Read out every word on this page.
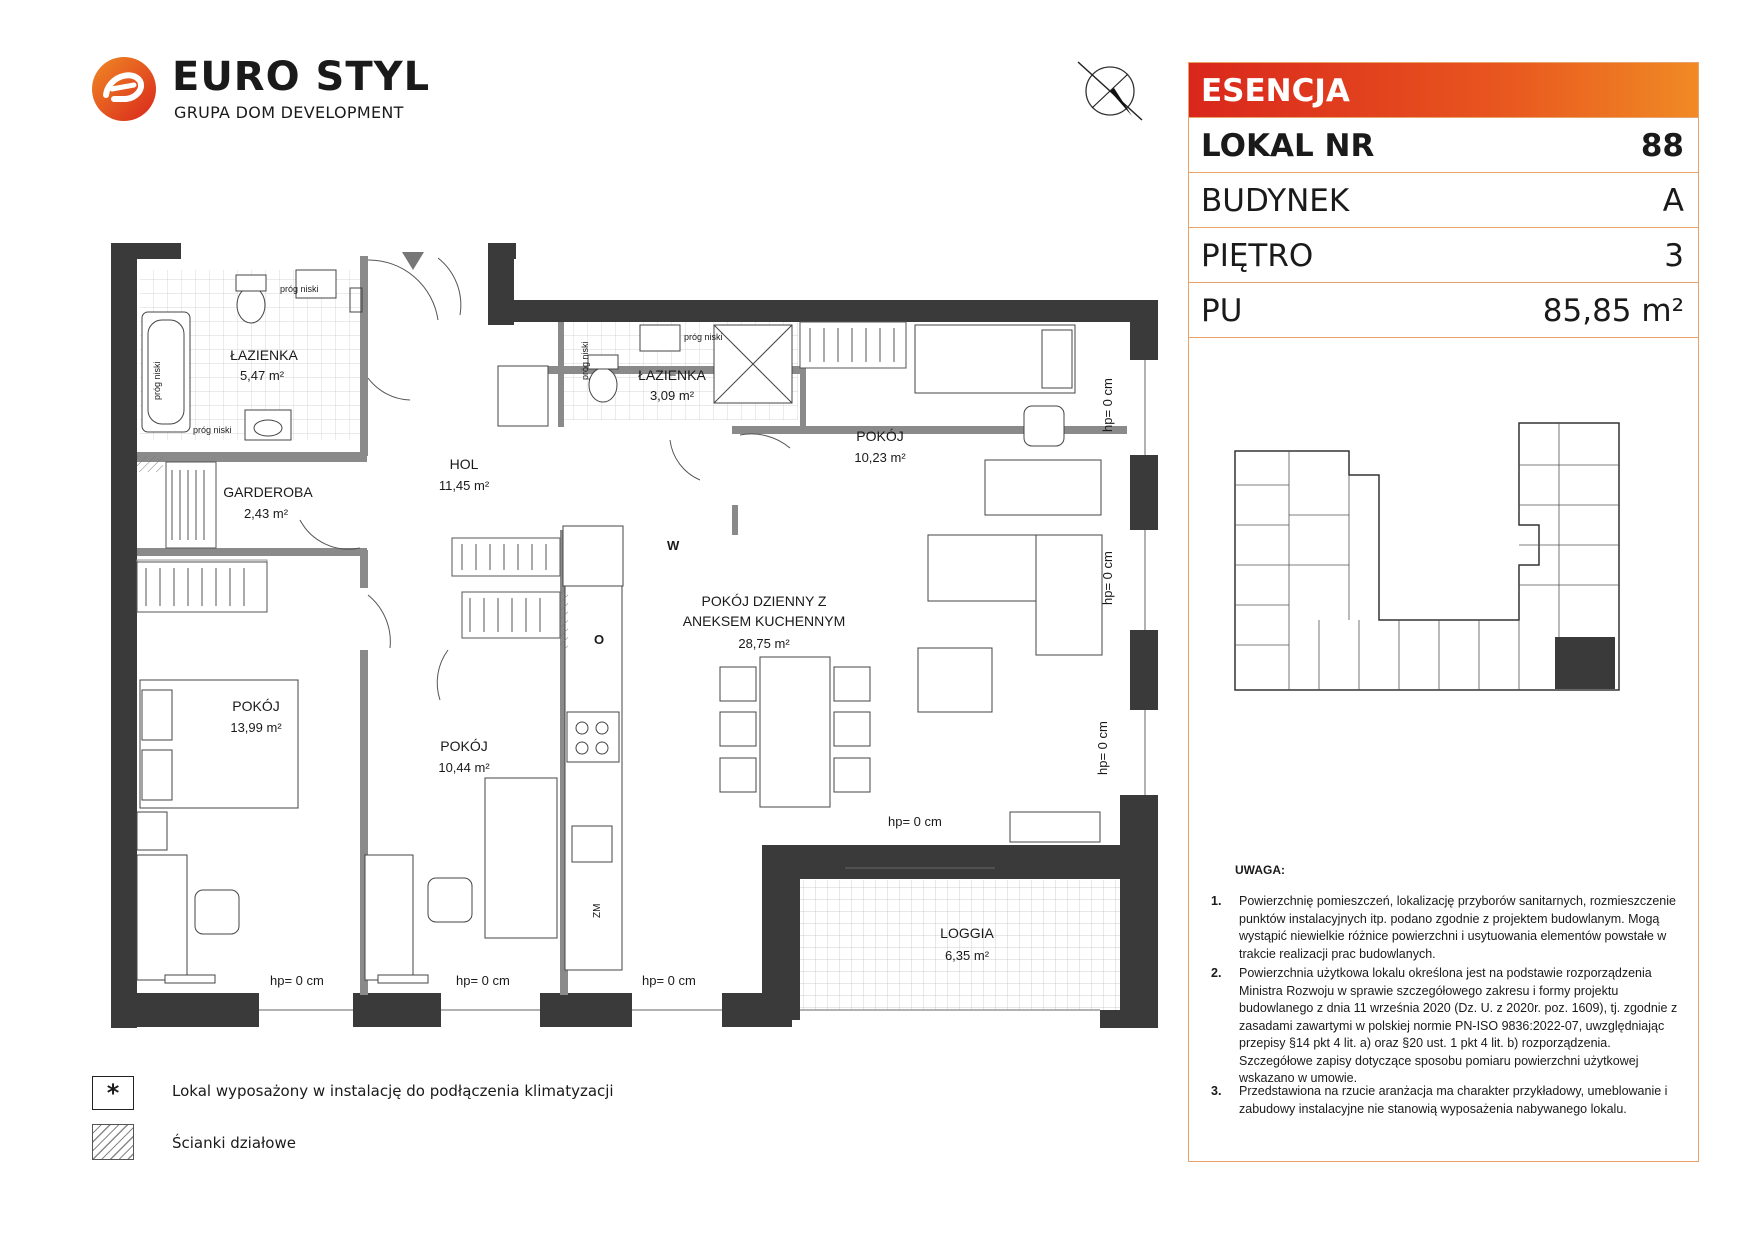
EURO STYL
GRUPA DOM DEVELOPMENT
ŁAZIENKA
5,47 m²	ŁAZIENKA
3,09 m²
HOL
11,45 m²
GARDEROBA
2,43 m²
POKÓJ
10,23 m²
POKÓJ DZIENNY Z
ANEKSEM KUCHENNYM
28,75 m²
POKÓJ
13,99 m²
POKÓJ
10,44 m²
LOGGIA
6,35 m²
hp= 0 cm	hp= 0 cm	hp= 0 cm
hp= 0 cm
hp= 0 cm
hp= 0 cm
hp= 0 cm
próg niski
próg niski
próg niski
próg niski
próg niski
W
O
ZM
*	Lokal wyposażony w instalację do podłączenia klimatyzacji
Ścianki działowe
ESENCJA
LOKAL NR	88
BUDYNEK	A
PIĘTRO	3
PU	85,85 m²
UWAGA:
1. Powierzchnię pomieszczeń, lokalizację przyborów sanitarnych, rozmieszczenie punktów instalacyjnych itp. podano zgodnie z projektem budowlanym. Mogą wystąpić niewielkie różnice powierzchni i usytuowania elementów powstałe w trakcie realizacji prac budowlanych.
2. Powierzchnia użytkowa lokalu określona jest na podstawie rozporządzenia Ministra Rozwoju w sprawie szczegółowego zakresu i formy projektu budowlanego z dnia 11 września 2020 (Dz. U. z 2020r. poz. 1609), tj. zgodnie z zasadami zawartymi w polskiej normie PN-ISO 9836:2022-07, uwzględniając przepisy §14 pkt 4 lit. a) oraz §20 ust. 1 pkt 4 lit. b) rozporządzenia. Szczegółowe zapisy dotyczące sposobu pomiaru powierzchni użytkowej wskazano w umowie.
3. Przedstawiona na rzucie aranżacja ma charakter przykładowy, umeblowanie i zabudowy instalacyjne nie stanowią wyposażenia nabywanego lokalu.
